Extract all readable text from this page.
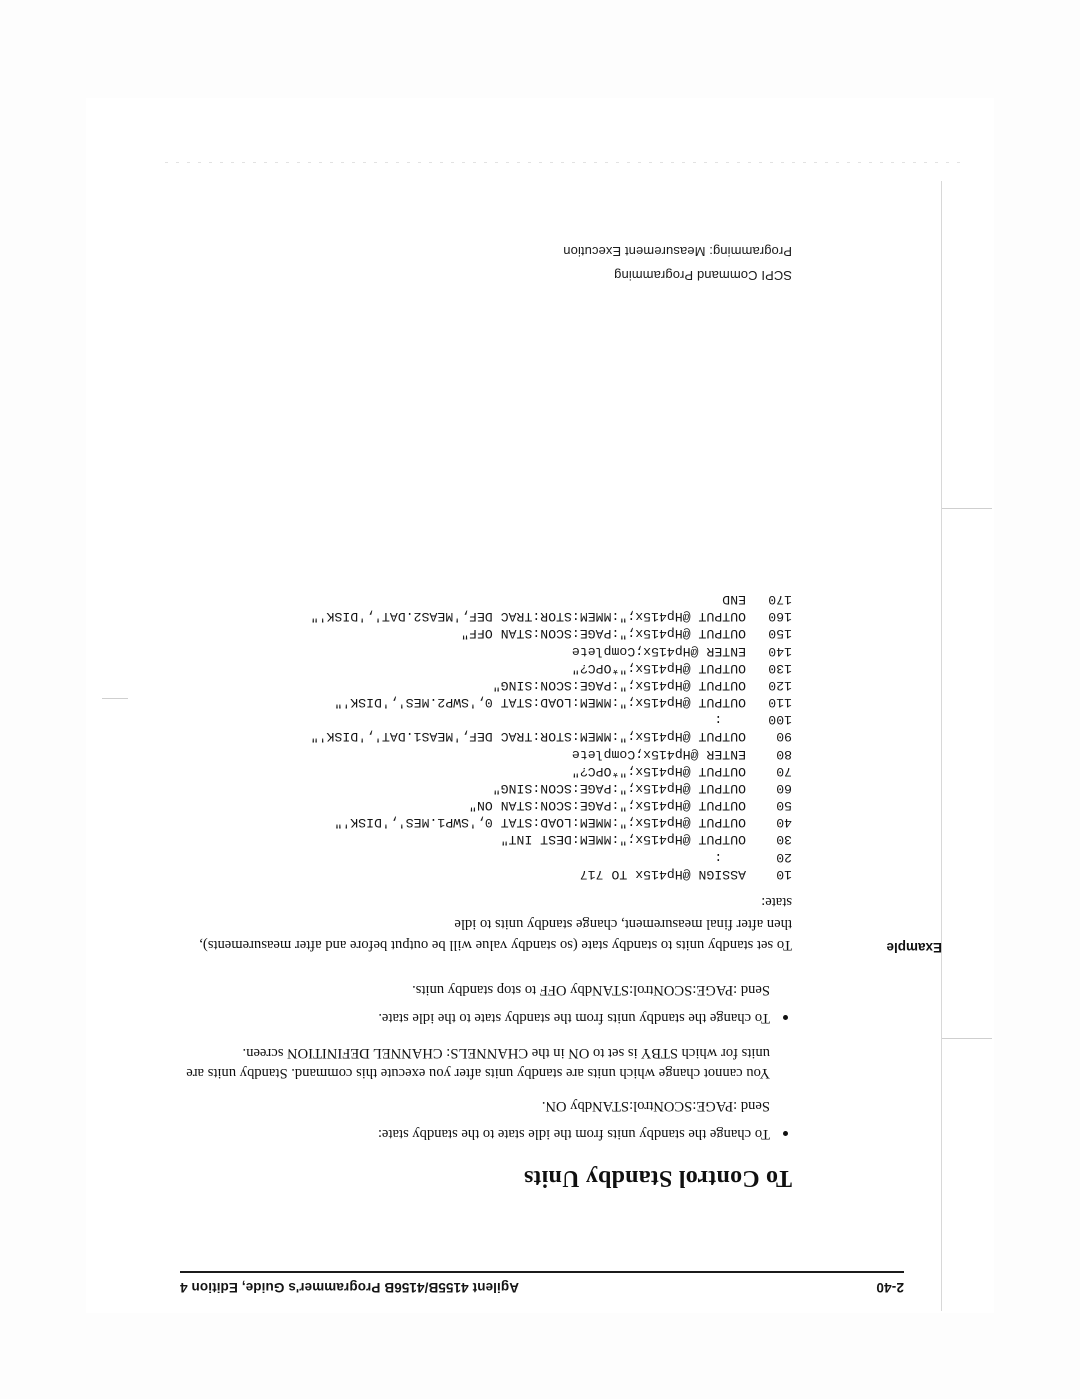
2-40
Agilent 4155B/4156B Programmer's Guide, Edition 4
SCPI Command Programming
Programming: Measurement Execution
To Control Standby Units
To change the standby units from the idle state to the standby state:
Send :PAGE:SCONtrol:STANdby ON.
You cannot change which units are standby units after you execute this command. Standby units are units for which STBY is set to ON in the CHANNELS: CHANNEL DEFINITION screen.
To change the standby units from the standby state to the idle state.
Send :PAGE:SCONtrol:STANdby OFF to stop standby units.
Example

To set standby units to standby state (so standby value will be output before and after measurements), then after final measurement, change standby units to idle

state:

10
ASSIGN @Hp415x TO 717
20
:
30
OUTPUT @Hp415x;":MMEM:DEST INT"
40
OUTPUT @Hp415x;":MMEM:LOAD:STAT 0,'SWP1.MES','DISK'"
50
OUTPUT @Hp415x;":PAGE:SCON:STAN ON"
60
OUTPUT @Hp415x;":PAGE:SCON:SING"
70
OUTPUT @Hp415x;"*OPC?"
80
ENTER @Hp415x;Complete
90
OUTPUT @Hp415x;":MMEM:STOR:TRAC DEF,'MEAS1.DAT','DISK'"
100
:
110
OUTPUT @Hp415x;":MMEM:LOAD:STAT 0,'SWP2.MES','DISK'"
120
OUTPUT @Hp415x;":PAGE:SCON:SING"
130
OUTPUT @Hp415x;"*OPC?"
140
ENTER @Hp415x;Complete
150
OUTPUT @Hp415x;":PAGE:SCON:STAN OFF"
160
OUTPUT @Hp415x;":MMEM:STOR:TRAC DEF,'MEAS2.DAT','DISK'"
170
END
